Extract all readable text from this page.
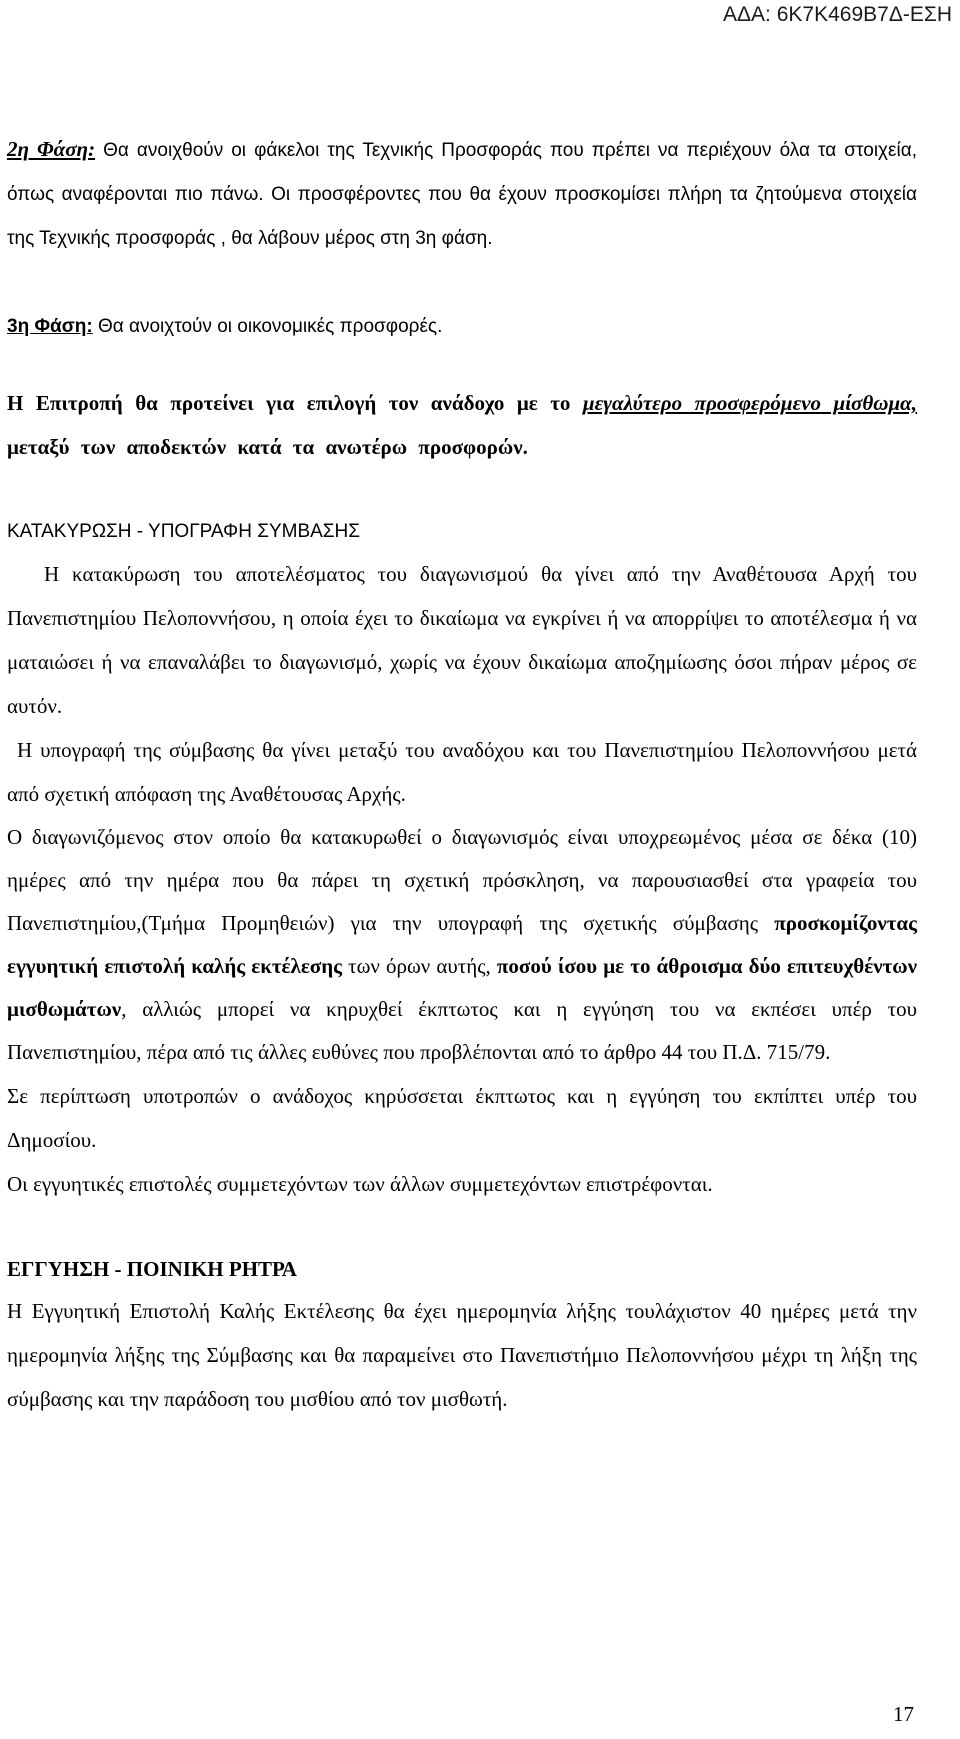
ΑΔΑ: 6Κ7Κ469Β7Δ-ΕΣΗ

2η Φάση: Θα ανοιχθούν οι φάκελοι της Τεχνικής Προσφοράς που πρέπει να περιέχουν όλα τα στοιχεία, όπως αναφέρονται πιο πάνω. Οι προσφέροντες που θα έχουν προσκομίσει πλήρη τα ζητούμενα στοιχεία της Τεχνικής προσφοράς , θα λάβουν μέρος στη 3η φάση.

3η Φάση: Θα ανοιχτούν οι οικονομικές προσφορές.

Η Επιτροπή θα προτείνει για επιλογή τον ανάδοχο με το μεγαλύτερο προσφερόμενο μίσθωμα, μεταξύ των αποδεκτών κατά τα ανωτέρω προσφορών.

ΚΑΤΑΚΥΡΩΣΗ - ΥΠΟΓΡΑΦΗ ΣΥΜΒΑΣΗΣ

Η κατακύρωση του αποτελέσματος του διαγωνισμού θα γίνει από την Αναθέτουσα Αρχή του Πανεπιστημίου Πελοποννήσου, η οποία έχει το δικαίωμα να εγκρίνει ή να απορρίψει το αποτέλεσμα ή να ματαιώσει ή να επαναλάβει το διαγωνισμό, χωρίς να έχουν δικαίωμα αποζημίωσης όσοι πήραν μέρος σε αυτόν.

Η υπογραφή της σύμβασης θα γίνει μεταξύ του αναδόχου και του Πανεπιστημίου Πελοποννήσου μετά από σχετική απόφαση της Αναθέτουσας Αρχής.

Ο διαγωνιζόμενος στον οποίο θα κατακυρωθεί ο διαγωνισμός είναι υποχρεωμένος μέσα σε δέκα (10) ημέρες από την ημέρα που θα πάρει τη σχετική πρόσκληση, να παρουσιασθεί στα γραφεία του Πανεπιστημίου,(Τμήμα Προμηθειών) για την υπογραφή της σχετικής σύμβασης προσκομίζοντας εγγυητική επιστολή καλής εκτέλεσης των όρων αυτής, ποσού ίσου με το άθροισμα δύο επιτευχθέντων μισθωμάτων, αλλιώς μπορεί να κηρυχθεί έκπτωτος και η εγγύηση του να εκπέσει υπέρ του Πανεπιστημίου, πέρα από τις άλλες ευθύνες που προβλέπονται από το άρθρο 44 του Π.Δ. 715/79.

Σε περίπτωση υποτροπών ο ανάδοχος κηρύσσεται έκπτωτος και η εγγύηση του εκπίπτει υπέρ του Δημοσίου.

Οι εγγυητικές επιστολές συμμετεχόντων των άλλων συμμετεχόντων επιστρέφονται.

ΕΓΓΥΗΣΗ - ΠΟΙΝΙΚΗ ΡΗΤΡΑ

Η Εγγυητική Επιστολή Καλής Εκτέλεσης θα έχει ημερομηνία λήξης τουλάχιστον 40 ημέρες μετά την ημερομηνία λήξης της Σύμβασης και θα παραμείνει στο Πανεπιστήμιο Πελοποννήσου μέχρι τη λήξη της σύμβασης και την παράδοση του μισθίου από τον μισθωτή.

17
